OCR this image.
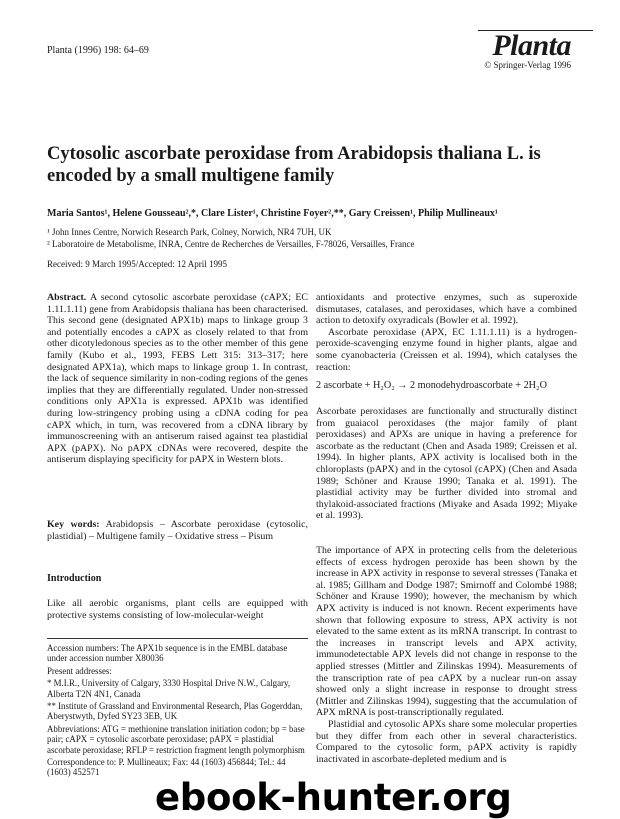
Planta (1996) 198: 64–69	Planta
© Springer-Verlag 1996
Cytosolic ascorbate peroxidase from Arabidopsis thaliana L. is encoded by a small multigene family
Maria Santos¹, Helene Gousseau²,*, Clare Lister¹, Christine Foyer²,**, Gary Creissen¹, Philip Mullineaux¹
¹ John Innes Centre, Norwich Research Park, Colney, Norwich, NR4 7UH, UK
² Laboratoire de Metabolisme, INRA, Centre de Recherches de Versailles, F-78026, Versailles, France
Received: 9 March 1995/Accepted: 12 April 1995

Abstract. A second cytosolic ascorbate peroxidase (cAPX; EC 1.11.1.11) gene from Arabidopsis thaliana has been characterised. This second gene (designated APX1b) maps to linkage group 3 and potentially encodes a cAPX as closely related to that from other dicotyledonous species as to the other member of this gene family (Kubo et al., 1993, FEBS Lett 315: 313–317; here designated APX1a), which maps to linkage group 1. In contrast, the lack of sequence similarity in non-coding regions of the genes implies that they are differentially regulated. Under non-stressed conditions only APX1a is expressed. APX1b was identified during low-stringency probing using a cDNA coding for pea cAPX which, in turn, was recovered from a cDNA library by immunoscreening with an antiserum raised against tea plastidial APX (pAPX). No pAPX cDNAs were recovered, despite the antiserum displaying specificity for pAPX in Western blots.

Key words: Arabidopsis – Ascorbate peroxidase (cytosolic, plastidial) – Multigene family – Oxidative stress – Pisum

Introduction

Like all aerobic organisms, plant cells are equipped with protective systems consisting of low-molecular-weight

Accession numbers: The APX1b sequence is in the EMBL database under accession number X80036

Present addresses:

* M.I.R., University of Calgary, 3330 Hospital Drive N.W., Calgary, Alberta T2N 4N1, Canada

** Institute of Grassland and Environmental Research, Plas Gogerddan, Aberystwyth, Dyfed SY23 3EB, UK

Abbreviations: ATG = methionine translation initiation codon; bp = base pair; cAPX = cytosolic ascorbate peroxidase; pAPX = plastidial ascorbate peroxidase; RFLP = restriction fragment length polymorphism

Correspondence to: P. Mullineaux; Fax: 44 (1603) 456844; Tel.: 44 (1603) 452571

antioxidants and protective enzymes, such as superoxide dismutases, catalases, and peroxidases, which have a combined action to detoxify oxyradicals (Bowler et al. 1992).

Ascorbate peroxidase (APX, EC 1.11.1.11) is a hydrogen-peroxide-scavenging enzyme found in higher plants, algae and some cyanobacteria (Creissen et al. 1994), which catalyses the reaction:

2 ascorbate + H₂O₂ → 2 monodehydroascorbate + 2H₂O

Ascorbate peroxidases are functionally and structurally distinct from guaiacol peroxidases (the major family of plant peroxidases) and APXs are unique in having a preference for ascorbate as the reductant (Chen and Asada 1989; Creissen et al. 1994). In higher plants, APX activity is localised both in the chloroplasts (pAPX) and in the cytosol (cAPX) (Chen and Asada 1989; Schöner and Krause 1990; Tanaka et al. 1991). The plastidial activity may be further divided into stromal and thylakoid-associated fractions (Miyake and Asada 1992; Miyake et al. 1993).

The importance of APX in protecting cells from the deleterious effects of excess hydrogen peroxide has been shown by the increase in APX activity in response to several stresses (Tanaka et al. 1985; Gillham and Dodge 1987; Smirnoff and Colombé 1988; Schöner and Krause 1990); however, the mechanism by which APX activity is induced is not known. Recent experiments have shown that following exposure to stress, APX activity is not elevated to the same extent as its mRNA transcript. In contrast to the increases in transcript levels and APX activity, immunodetectable APX levels did not change in response to the applied stresses (Mittler and Zilinskas 1994). Measurements of the transcription rate of pea cAPX by a nuclear run-on assay showed only a slight increase in response to drought stress (Mittler and Zilinskas 1994), suggesting that the accumulation of APX mRNA is post-transcriptionally regulated.

Plastidial and cytosolic APXs share some molecular properties but they differ from each other in several characteristics. Compared to the cytosolic form, pAPX activity is rapidly inactivated in ascorbate-depleted medium and is

ebook-hunter.org
